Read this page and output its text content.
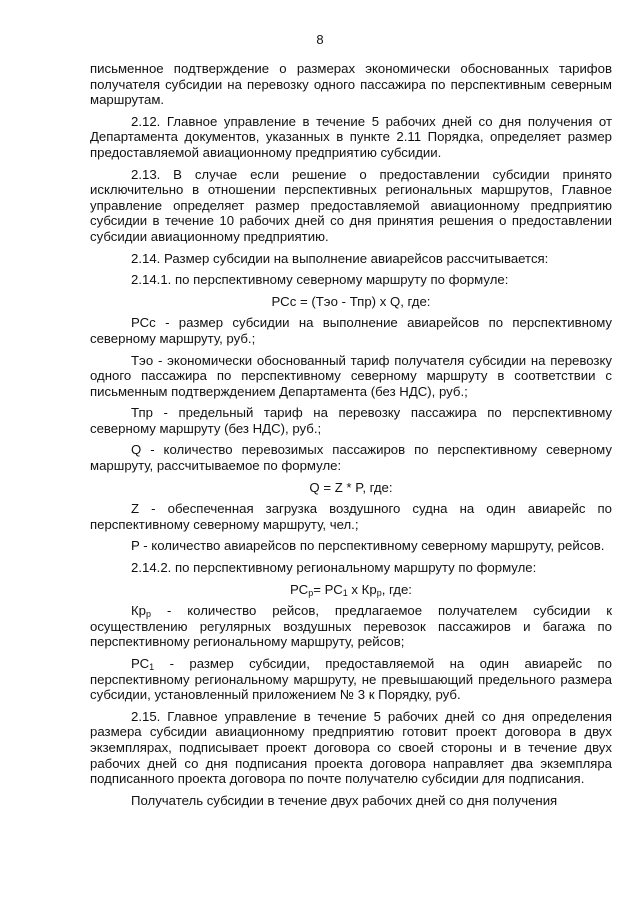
8

письменное подтверждение о размерах экономически обоснованных тарифов получателя субсидии на перевозку одного пассажира по перспективным северным маршрутам.

2.12. Главное управление в течение 5 рабочих дней со дня получения от Департамента документов, указанных в пункте 2.11 Порядка, определяет размер предоставляемой авиационному предприятию субсидии.

2.13. В случае если решение о предоставлении субсидии принято исключительно в отношении перспективных региональных маршрутов, Главное управление определяет размер предоставляемой авиационному предприятию субсидии в течение 10 рабочих дней со дня принятия решения о предоставлении субсидии авиационному предприятию.

2.14. Размер субсидии на выполнение авиарейсов рассчитывается:

2.14.1. по перспективному северному маршруту по формуле:

РСс = (Тэо - Тпр) x Q, где:

РСс - размер субсидии на выполнение авиарейсов по перспективному северному маршруту, руб.;

Тэо - экономически обоснованный тариф получателя субсидии на перевозку одного пассажира по перспективному северному маршруту в соответствии с письменным подтверждением Департамента (без НДС), руб.;

Тпр - предельный тариф на перевозку пассажира по перспективному северному маршруту (без НДС), руб.;

Q - количество перевозимых пассажиров по перспективному северному маршруту, рассчитываемое по формуле:

Q = Z * P, где:

Z - обеспеченная загрузка воздушного судна на один авиарейс по перспективному северному маршруту, чел.;

P - количество авиарейсов по перспективному северному маршруту, рейсов.

2.14.2. по перспективному региональному маршруту по формуле:

$РС_р= РС_1$ x $Кр_р$, где:

$Кр_р$ - количество рейсов, предлагаемое получателем субсидии к осуществлению регулярных воздушных перевозок пассажиров и багажа по перспективному региональному маршруту, рейсов;

$РС_1$ - размер субсидии, предоставляемой на один авиарейс по перспективному региональному маршруту, не превышающий предельного размера субсидии, установленный приложением № 3 к Порядку, руб.

2.15. Главное управление в течение 5 рабочих дней со дня определения размера субсидии авиационному предприятию готовит проект договора в двух экземплярах, подписывает проект договора со своей стороны и в течение двух рабочих дней со дня подписания проекта договора направляет два экземпляра подписанного проекта договора по почте получателю субсидии для подписания.

Получатель субсидии в течение двух рабочих дней со дня получения
